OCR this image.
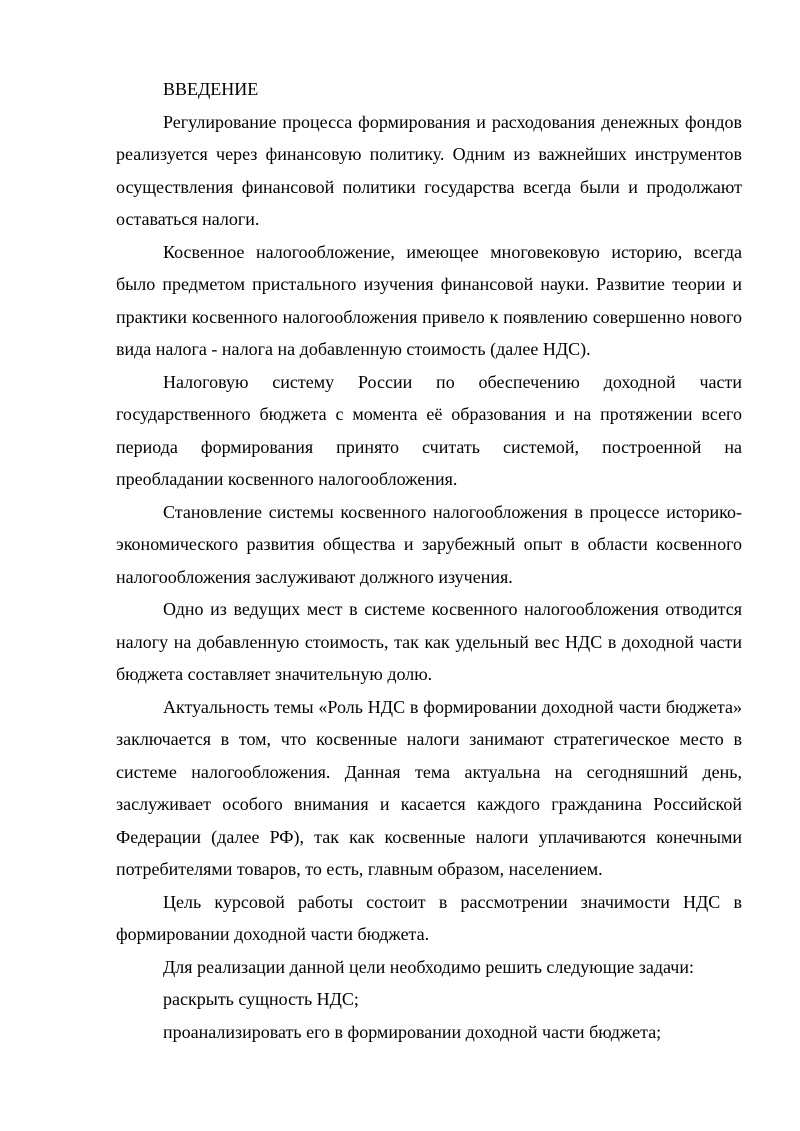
ВВЕДЕНИЕ

Регулирование процесса формирования и расходования денежных фондов реализуется через финансовую политику. Одним из важнейших инструментов осуществления финансовой политики государства всегда были и продолжают оставаться налоги.

Косвенное налогообложение, имеющее многовековую историю, всегда было предметом пристального изучения финансовой науки. Развитие теории и практики косвенного налогообложения привело к появлению совершенно нового вида налога - налога на добавленную стоимость (далее НДС).

Налоговую систему России по обеспечению доходной части государственного бюджета с момента её образования и на протяжении всего периода формирования принято считать системой, построенной на преобладании косвенного налогообложения.

Становление системы косвенного налогообложения в процессе историко-экономического развития общества и зарубежный опыт в области косвенного налогообложения заслуживают должного изучения.

Одно из ведущих мест в системе косвенного налогообложения отводится налогу на добавленную стоимость, так как удельный вес НДС в доходной части бюджета составляет значительную долю.

Актуальность темы «Роль НДС в формировании доходной части бюджета» заключается в том, что косвенные налоги занимают стратегическое место в системе налогообложения. Данная тема актуальна на сегодняшний день, заслуживает особого внимания и касается каждого гражданина Российской Федерации (далее РФ), так как косвенные налоги уплачиваются конечными потребителями товаров, то есть, главным образом, населением.

Цель курсовой работы состоит в рассмотрении значимости НДС в формировании доходной части бюджета.

Для реализации данной цели необходимо решить следующие задачи:

раскрыть сущность НДС;

проанализировать его в формировании доходной части бюджета;
